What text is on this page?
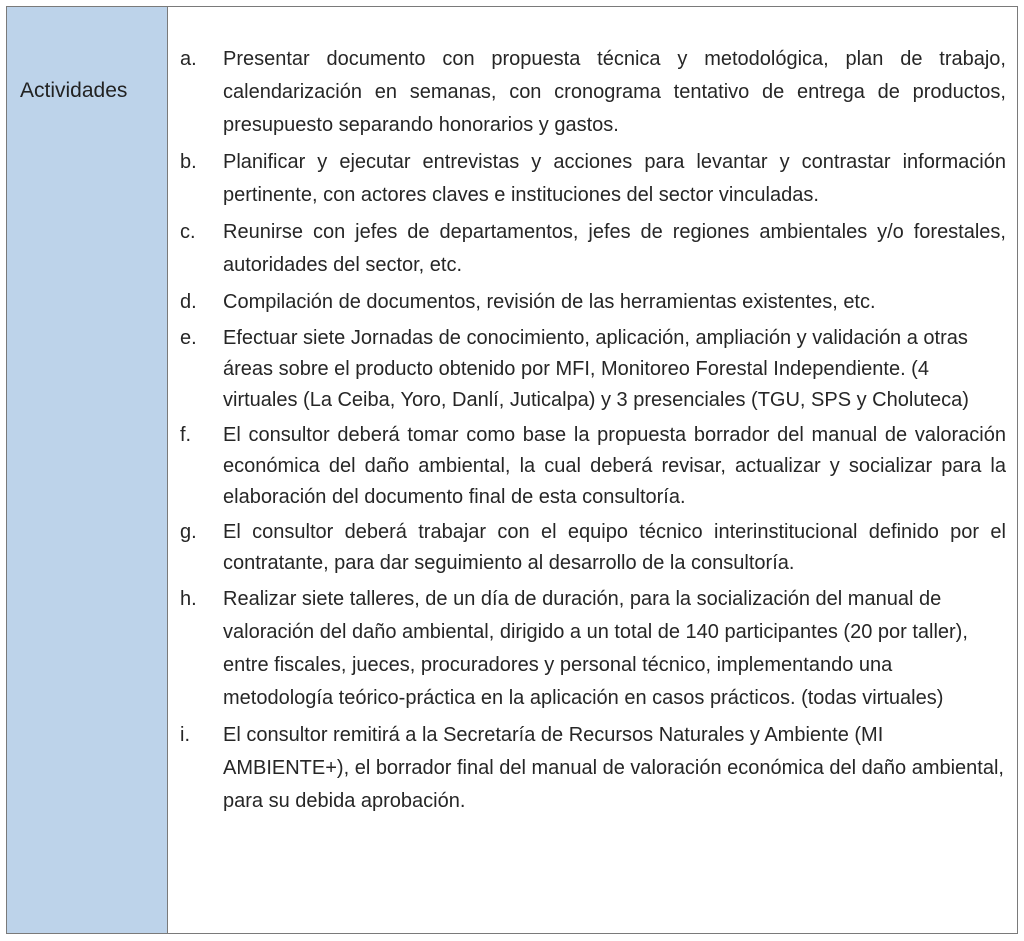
Actividades
a.	Presentar documento con propuesta técnica y metodológica, plan de trabajo, calendarización en semanas, con cronograma tentativo de entrega de productos, presupuesto separando honorarios y gastos.
b.	Planificar y ejecutar entrevistas y acciones para levantar y contrastar información pertinente, con actores claves e instituciones del sector vinculadas.
c.	Reunirse con jefes de departamentos, jefes de regiones ambientales y/o forestales, autoridades del sector, etc.
d.	Compilación de documentos, revisión de las herramientas existentes, etc.
e.	Efectuar siete Jornadas de conocimiento, aplicación, ampliación y validación a otras áreas sobre el producto obtenido por MFI, Monitoreo Forestal Independiente. (4 virtuales (La Ceiba, Yoro, Danlí, Juticalpa) y 3 presenciales (TGU, SPS y Choluteca)
f.	El consultor deberá tomar como base la propuesta borrador del manual de valoración económica del daño ambiental, la cual deberá revisar, actualizar y socializar para la elaboración del documento final de esta consultoría.
g.	El consultor deberá trabajar con el equipo técnico interinstitucional definido por el contratante, para dar seguimiento al desarrollo de la consultoría.
h.	Realizar siete talleres, de un día de duración, para la socialización del manual de valoración del daño ambiental, dirigido a un total de 140 participantes (20 por taller), entre fiscales, jueces, procuradores y personal técnico, implementando una metodología teórico-práctica en la aplicación en casos prácticos. (todas virtuales)
i.	El consultor remitirá a la Secretaría de Recursos Naturales y Ambiente (MI AMBIENTE+), el borrador final del manual de valoración económica del daño ambiental, para su debida aprobación.
